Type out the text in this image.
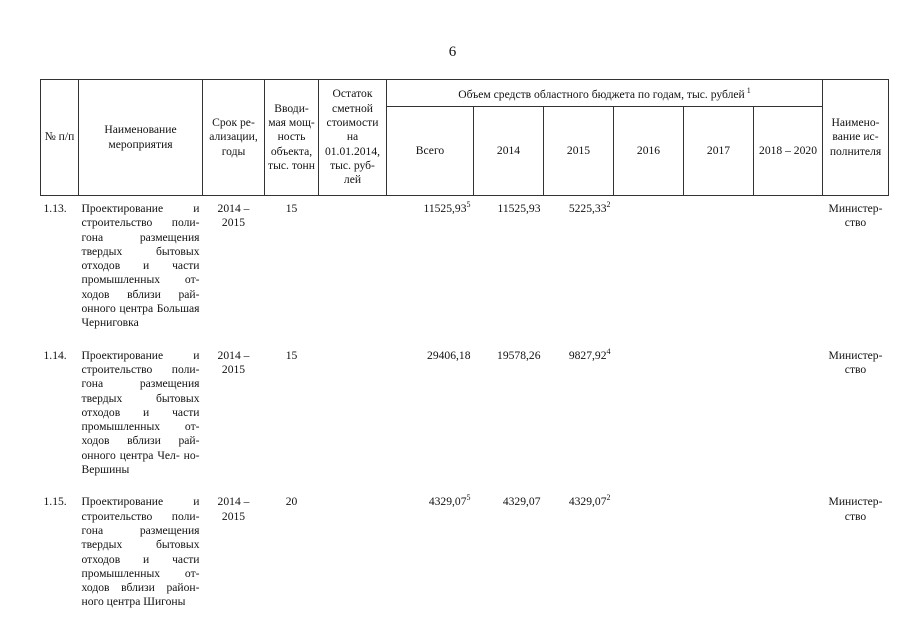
6
№ п/п	Наименование мероприятия	Срок ре- ализации, годы	Вводи- мая мощ- ность объекта, тыс. тонн	Остаток сметной стоимости на 01.01.2014, тыс. руб- лей	Объем средств областного бюджета по годам, тыс. рублей $^1$						Наимено- вание ис- полнителя
					Всего	2014	2015	2016	2017	2018 – 2020	
1.13.	Проектирование и строительство поли- гона размещения твердых бытовых отходов и части промышленных от- ходов вблизи рай- онного центра Большая Черниговка	2014 – 2015	15		11525,93$^5$	11525,93	5225,33$^2$				Министер- ство
1.14.	Проектирование и строительство поли- гона размещения твердых бытовых отходов и части промышленных от- ходов вблизи рай- онного центра Чел- но-Вершины	2014 – 2015	15		29406,18	19578,26	9827,92$^4$				Министер- ство
1.15.	Проектирование и строительство поли- гона размещения твердых бытовых отходов и части промышленных от- ходов вблизи район- ного центра Шигоны	2014 – 2015	20		4329,07$^5$	4329,07	4329,07$^2$				Министер- ство
